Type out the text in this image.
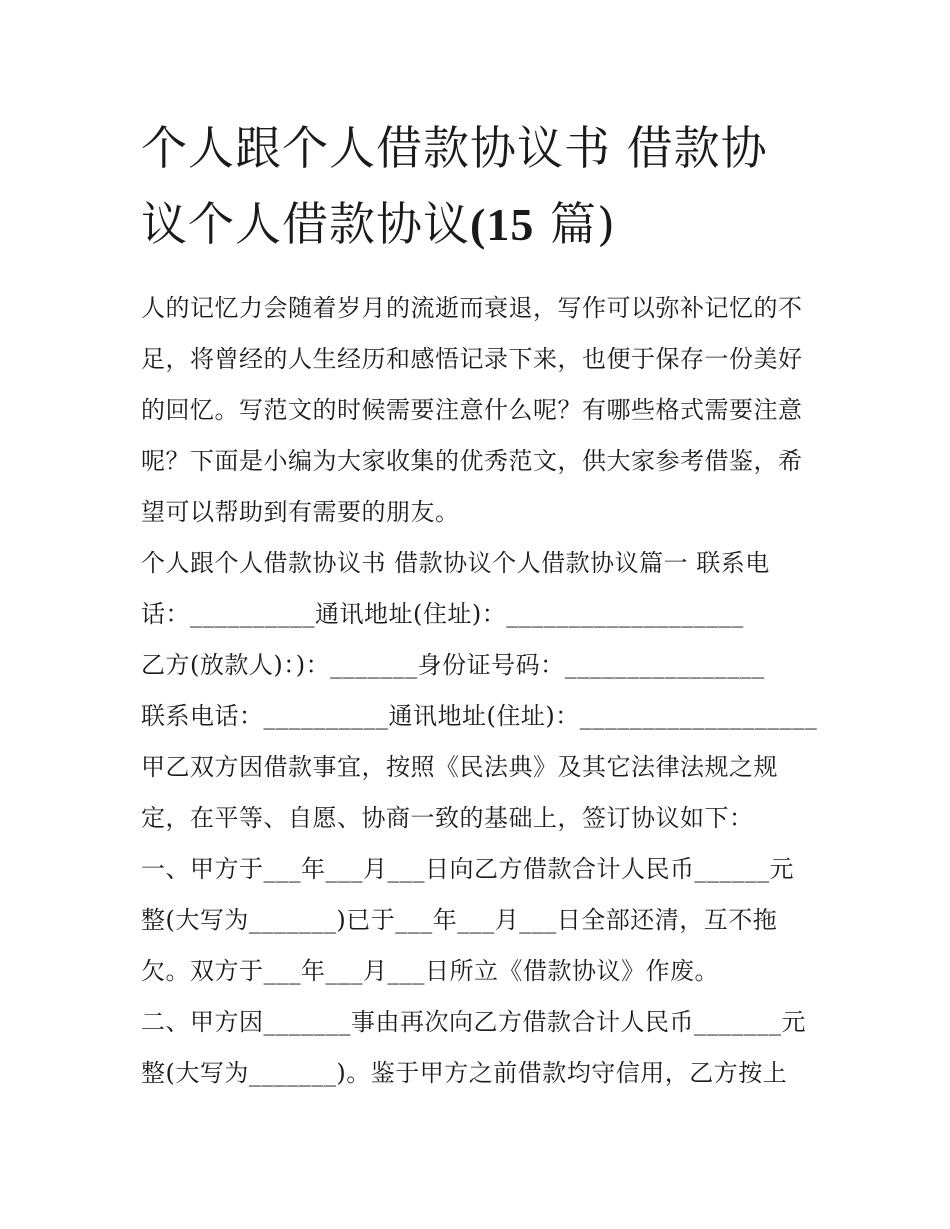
个人跟个人借款协议书 借款协
议个人借款协议(15 篇)

人的记忆力会随着岁月的流逝而衰退，写作可以弥补记忆的不
足，将曾经的人生经历和感悟记录下来，也便于保存一份美好
的回忆。写范文的时候需要注意什么呢？有哪些格式需要注意
呢？下面是小编为大家收集的优秀范文，供大家参考借鉴，希
望可以帮助到有需要的朋友。

个人跟个人借款协议书 借款协议个人借款协议篇一 联系电
话：__________通讯地址(住址)：___________________
乙方(放款人)：)：_______身份证号码：________________
联系电话：__________通讯地址(住址)：___________________
甲乙双方因借款事宜，按照《民法典》及其它法律法规之规
定，在平等、自愿、协商一致的基础上，签订协议如下：
一、甲方于___年___月___日向乙方借款合计人民币______元
整(大写为_______)已于___年___月___日全部还清，互不拖
欠。双方于___年___月___日所立《借款协议》作废。
二、甲方因_______事由再次向乙方借款合计人民币_______元
整(大写为_______)。鉴于甲方之前借款均守信用，乙方按上
